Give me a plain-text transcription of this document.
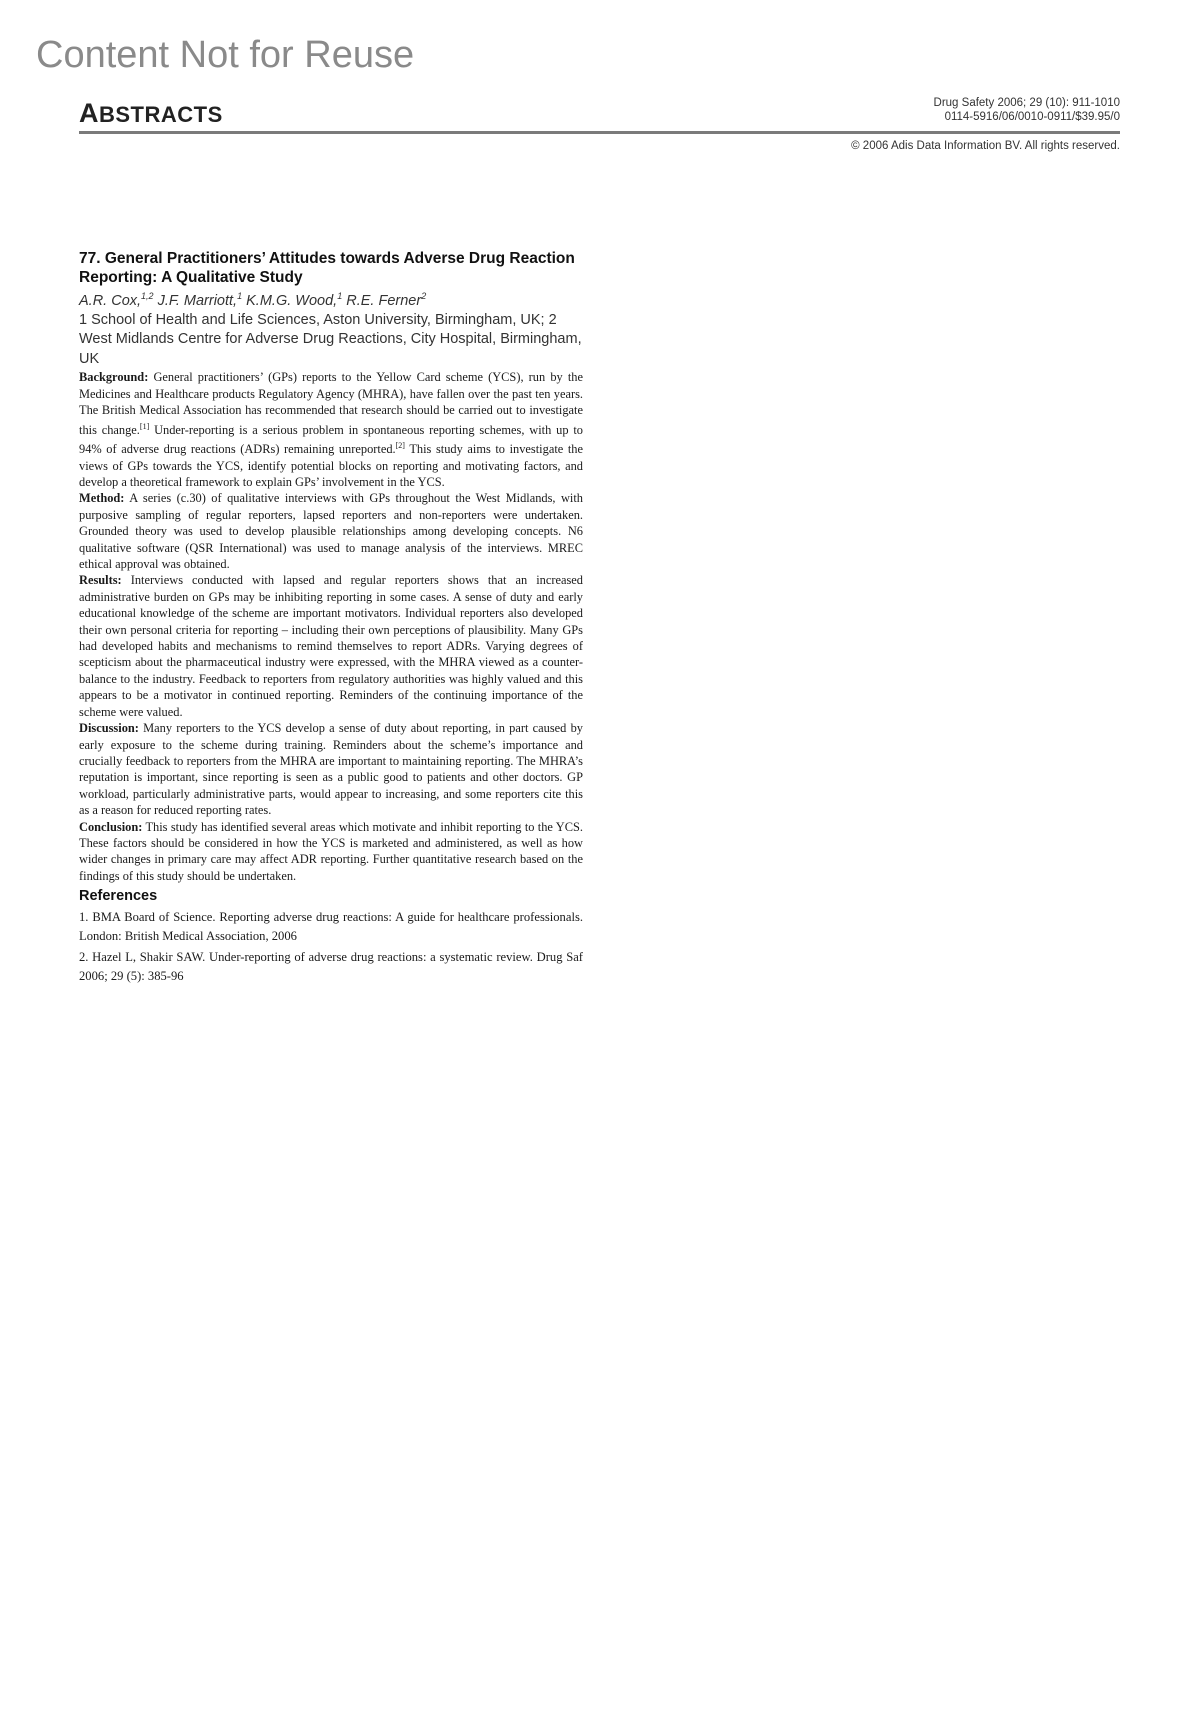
Content Not for Reuse
ABSTRACTS	Drug Safety 2006; 29 (10): 911-1010
0114-5916/06/0010-0911/$39.95/0
© 2006 Adis Data Information BV. All rights reserved.

77. General Practitioners’ Attitudes towards Adverse Drug Reaction Reporting: A Qualitative Study

A.R. Cox,$^{1,2}$ J.F. Marriott,$^1$ K.M.G. Wood,$^1$ R.E. Ferner$^2$

1 School of Health and Life Sciences, Aston University, Birmingham, UK; 2 West Midlands Centre for Adverse Drug Reactions, City Hospital, Birmingham, UK

Background: General practitioners’ (GPs) reports to the Yellow Card scheme (YCS), run by the Medicines and Healthcare products Regulatory Agency (MHRA), have fallen over the past ten years. The British Medical Association has recommended that research should be carried out to investigate this change.[1] Under-reporting is a serious problem in spontaneous reporting schemes, with up to 94% of adverse drug reactions (ADRs) remaining unreported.[2] This study aims to investigate the views of GPs towards the YCS, identify potential blocks on reporting and motivating factors, and develop a theoretical framework to explain GPs’ involvement in the YCS.

Method: A series (c.30) of qualitative interviews with GPs throughout the West Midlands, with purposive sampling of regular reporters, lapsed reporters and non-reporters were undertaken. Grounded theory was used to develop plausible relationships among developing concepts. N6 qualitative software (QSR International) was used to manage analysis of the interviews. MREC ethical approval was obtained.

Results: Interviews conducted with lapsed and regular reporters shows that an increased administrative burden on GPs may be inhibiting reporting in some cases. A sense of duty and early educational knowledge of the scheme are important motivators. Individual reporters also developed their own personal criteria for reporting – including their own perceptions of plausibility. Many GPs had developed habits and mechanisms to remind themselves to report ADRs. Varying degrees of scepticism about the pharmaceutical industry were expressed, with the MHRA viewed as a counter-balance to the industry. Feedback to reporters from regulatory authorities was highly valued and this appears to be a motivator in continued reporting. Reminders of the continuing importance of the scheme were valued.

Discussion: Many reporters to the YCS develop a sense of duty about reporting, in part caused by early exposure to the scheme during training. Reminders about the scheme’s importance and crucially feedback to reporters from the MHRA are important to maintaining reporting. The MHRA’s reputation is important, since reporting is seen as a public good to patients and other doctors. GP workload, particularly administrative parts, would appear to increasing, and some reporters cite this as a reason for reduced reporting rates.

Conclusion: This study has identified several areas which motivate and inhibit reporting to the YCS. These factors should be considered in how the YCS is marketed and administered, as well as how wider changes in primary care may affect ADR reporting. Further quantitative research based on the findings of this study should be undertaken.

References

1. BMA Board of Science. Reporting adverse drug reactions: A guide for healthcare professionals. London: British Medical Association, 2006

2. Hazel L, Shakir SAW. Under-reporting of adverse drug reactions: a systematic review. Drug Saf 2006; 29 (5): 385-96
